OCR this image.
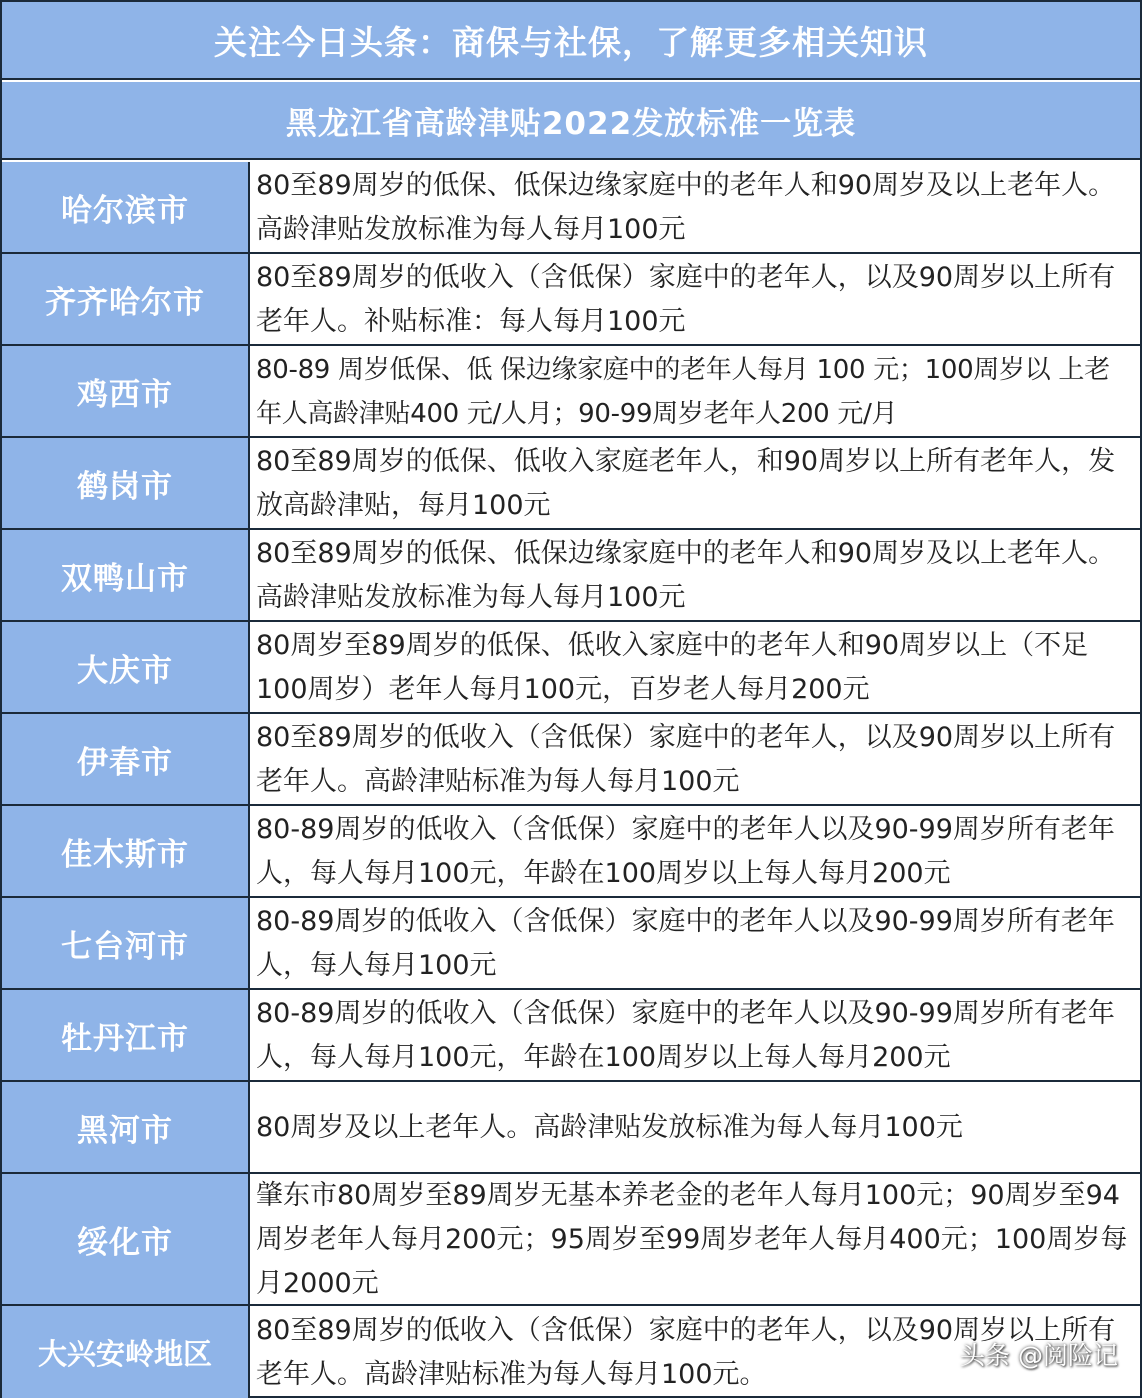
关注今日头条：商保与社保，了解更多相关知识
黑龙江省高龄津贴2022发放标准一览表
哈尔滨市
80至89周岁的低保、低保边缘家庭中的老年人和90周岁及以上老年人。高龄津贴发放标准为每人每月100元
齐齐哈尔市
80至89周岁的低收入（含低保）家庭中的老年人，以及90周岁以上所有老年人。补贴标准：每人每月100元
鸡西市
80-89 周岁低保、低 保边缘家庭中的老年人每月 100 元；100周岁以 上老年人高龄津贴400 元/人月；90-99周岁老年人200 元/月
鹤岗市
80至89周岁的低保、低收入家庭老年人，和90周岁以上所有老年人，发放高龄津贴，每月100元
双鸭山市
80至89周岁的低保、低保边缘家庭中的老年人和90周岁及以上老年人。高龄津贴发放标准为每人每月100元
大庆市
80周岁至89周岁的低保、低收入家庭中的老年人和90周岁以上（不足100周岁）老年人每月100元，百岁老人每月200元
伊春市
80至89周岁的低收入（含低保）家庭中的老年人，以及90周岁以上所有老年人。高龄津贴标准为每人每月100元
佳木斯市
80-89周岁的低收入（含低保）家庭中的老年人以及90-99周岁所有老年人，每人每月100元，年龄在100周岁以上每人每月200元
七台河市
80-89周岁的低收入（含低保）家庭中的老年人以及90-99周岁所有老年人，每人每月100元
牡丹江市
80-89周岁的低收入（含低保）家庭中的老年人以及90-99周岁所有老年人，每人每月100元，年龄在100周岁以上每人每月200元
黑河市	80周岁及以上老年人。高龄津贴发放标准为每人每月100元
绥化市
肇东市80周岁至89周岁无基本养老金的老年人每月100元；90周岁至94周岁老年人每月200元；95周岁至99周岁老年人每月400元；100周岁每月2000元
大兴安岭地区
80至89周岁的低收入（含低保）家庭中的老年人，以及90周岁以上所有老年人。高龄津贴标准为每人每月100元。
头条 @阅险记
